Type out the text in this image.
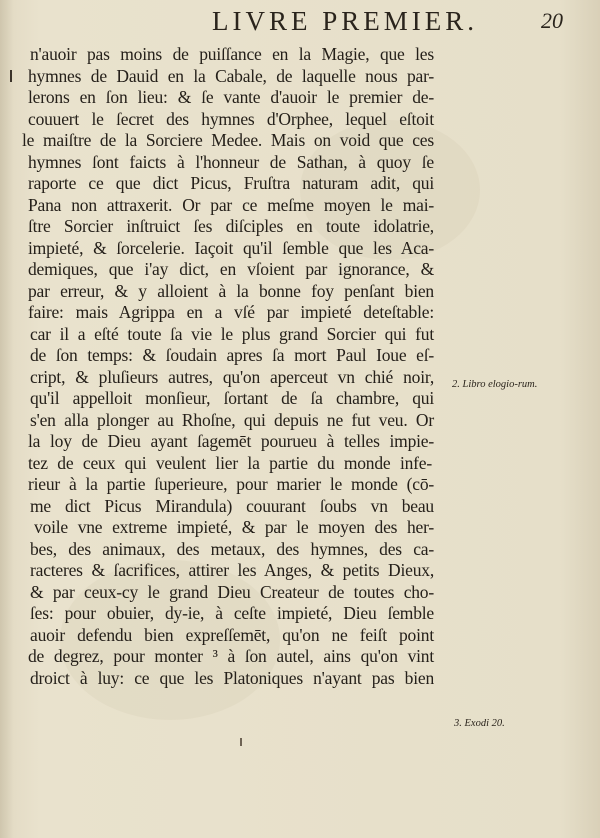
LIVRE PREMIER.	20
n'auoir pas moins de puiſſance en la Magie, que les
hymnes de Dauid en la Cabale, de laquelle nous par-
lerons en ſon lieu: & ſe vante d'auoir le premier de-
couuert le ſecret des hymnes d'Orphee, lequel eſtoit
le maiſtre de la Sorciere Medee. Mais on void que ces
hymnes ſont faicts à l'honneur de Sathan, à quoy ſe
raporte ce que dict Picus, Fruſtra naturam adit, qui
Pana non attraxerit. Or par ce meſme moyen le mai-
ſtre Sorcier inſtruict ſes diſciples en toute idolatrie,
impieté, & ſorcelerie. Iaçoit qu'il ſemble que les Aca-
demiques, que i'ay dict, en vſoient par ignorance, &
par erreur, & y alloient à la bonne foy penſant bien
faire: mais Agrippa en a vſé par impieté deteſtable:
car il a eſté toute ſa vie le plus grand Sorcier qui fut
de ſon temps: & ſoudain apres ſa mort Paul Ioue eſ-
cript, & pluſieurs autres, qu'on aperceut vn chié noir,
qu'il appelloit monſieur, ſortant de ſa chambre, qui
s'en alla plonger au Rhoſne, qui depuis ne fut veu. Or
la loy de Dieu ayant ſagemēt pourueu à telles impie-
tez de ceux qui veulent lier la partie du monde infe-
rieur à la partie ſuperieure, pour marier le monde (cō-
me dict Picus Mirandula) couurant ſoubs vn beau
voile vne extreme impieté, & par le moyen des her-
bes, des animaux, des metaux, des hymnes, des ca-
racteres & ſacrifices, attirer les Anges, & petits Dieux,
& par ceux-cy le grand Dieu Createur de toutes cho-
ſes: pour obuier, dy-ie, à ceſte impieté, Dieu ſemble
auoir defendu bien expreſſemēt, qu'on ne feiſt point
de degrez, pour monter ³ à ſon autel, ains qu'on vint
droict à luy: ce que les Platoniques n'ayant pas bien
2. Libro elogio-rum.
3. Exodi 20.
